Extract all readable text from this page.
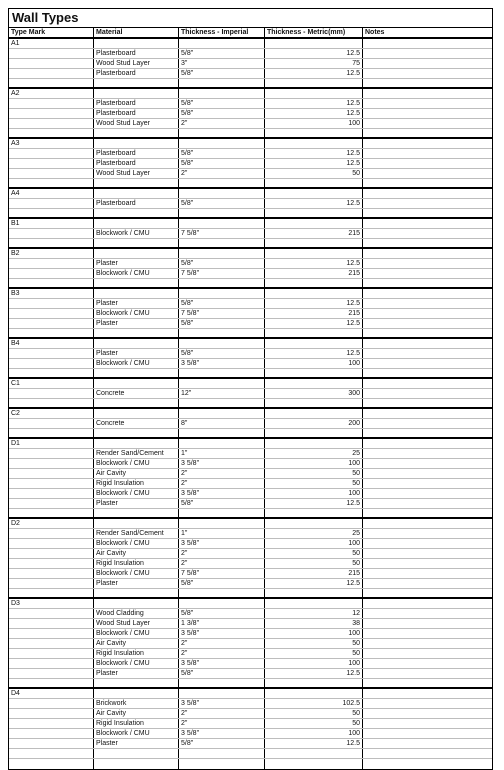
Wall Types
Type Mark	Material	Thickness - Imperial	Thickness - Metric(mm)	Notes
A1
Plasterboard	5/8"	12.5
Wood Stud Layer	3"	75
Plasterboard	5/8"	12.5
A2
Plasterboard	5/8"	12.5
Plasterboard	5/8"	12.5
Wood Stud Layer	2"	100
A3
Plasterboard	5/8"	12.5
Plasterboard	5/8"	12.5
Wood Stud Layer	2"	50
A4
Plasterboard	5/8"	12.5
B1
Blockwork / CMU	7 5/8"	215
B2
Plaster	5/8"	12.5
Blockwork / CMU	7 5/8"	215
B3
Plaster	5/8"	12.5
Blockwork / CMU	7 5/8"	215
Plaster	5/8"	12.5
B4
Plaster	5/8"	12.5
Blockwork / CMU	3 5/8"	100
C1
Concrete	12"	300
C2
Concrete	8"	200
D1
Render Sand/Cement	1"	25
Blockwork / CMU	3 5/8"	100
Air Cavity	2"	50
Rigid Insulation	2"	50
Blockwork / CMU	3 5/8"	100
Plaster	5/8"	12.5
D2
Render Sand/Cement	1"	25
Blockwork / CMU	3 5/8"	100
Air Cavity	2"	50
Rigid Insulation	2"	50
Blockwork / CMU	7 5/8"	215
Plaster	5/8"	12.5
D3
Wood Cladding	5/8"	12
Wood Stud Layer	1 3/8"	38
Blockwork / CMU	3 5/8"	100
Air Cavity	2"	50
Rigid Insulation	2"	50
Blockwork / CMU	3 5/8"	100
Plaster	5/8"	12.5
D4
Brickwork	3 5/8"	102.5
Air Cavity	2"	50
Rigid Insulation	2"	50
Blockwork / CMU	3 5/8"	100
Plaster	5/8"	12.5
